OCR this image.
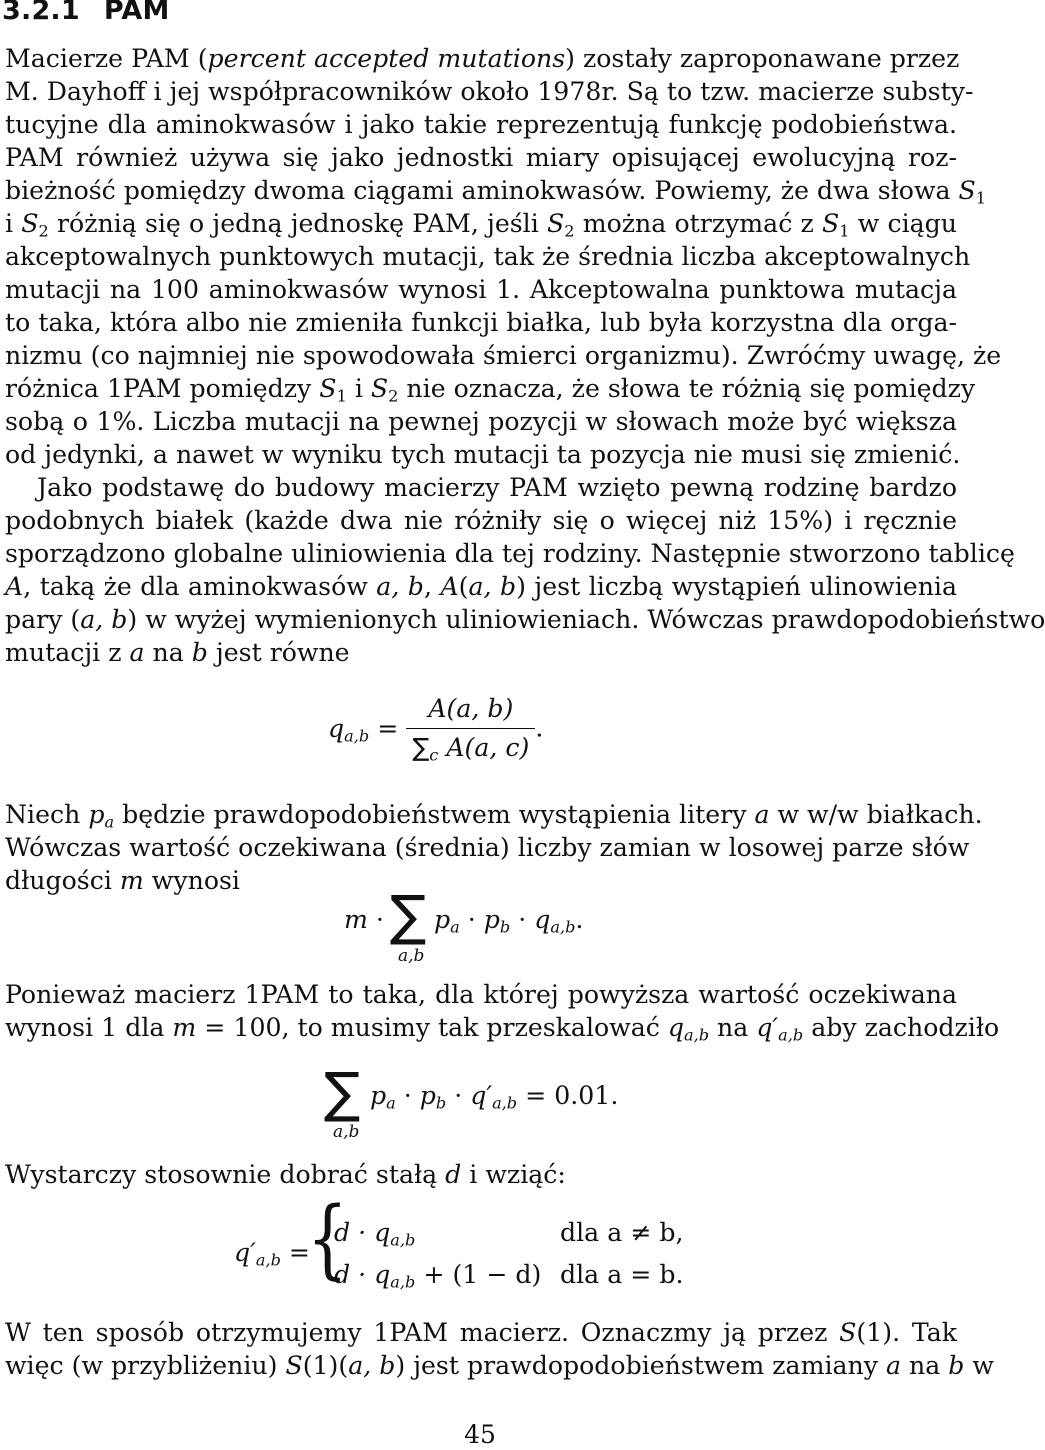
3.2.1 PAM
Macierze PAM (percent accepted mutations) zostały zaproponawane przez
M. Dayhoff i jej współpracowników około 1978r. Są to tzw. macierze substy-
tucyjne dla aminokwasów i jako takie reprezentują funkcję podobieństwa.
PAM również używa się jako jednostki miary opisującej ewolucyjną roz-
bieżność pomiędzy dwoma ciągami aminokwasów. Powiemy, że dwa słowa $S_1$
i $S_2$ różnią się o jedną jednoskę PAM, jeśli $S_2$ można otrzymać z $S_1$ w ciągu
akceptowalnych punktowych mutacji, tak że średnia liczba akceptowalnych
mutacji na 100 aminokwasów wynosi 1. Akceptowalna punktowa mutacja
to taka, która albo nie zmieniła funkcji białka, lub była korzystna dla orga-
nizmu (co najmniej nie spowodowała śmierci organizmu). Zwróćmy uwagę, że
różnica 1PAM pomiędzy $S_1$ i $S_2$ nie oznacza, że słowa te różnią się pomiędzy
sobą o 1%. Liczba mutacji na pewnej pozycji w słowach może być większa
od jedynki, a nawet w wyniku tych mutacji ta pozycja nie musi się zmienić.
Jako podstawę do budowy macierzy PAM wzięto pewną rodzinę bardzo
podobnych białek (każde dwa nie różniły się o więcej niż 15%) i ręcznie
sporządzono globalne uliniowienia dla tej rodziny. Następnie stworzono tablicę
A, taką że dla aminokwasów a, b, A(a, b) jest liczbą wystąpień ulinowienia
pary (a, b) w wyżej wymienionych uliniowieniach. Wówczas prawdopodobieństwo
mutacji z a na b jest równe
$q_{a,b} = \frac{A(a, b)}{\sum_c A(a, c)}$ .
Niech $p_a$ będzie prawdopodobieństwem wystąpienia litery a w w/w białkach.
Wówczas wartość oczekiwana (średnia) liczby zamian w losowej parze słów
długości m wynosi
m · ∑
a,b
$p_a \cdot p_b \cdot q_{a,b}$.
Ponieważ macierz 1PAM to taka, dla której powyższa wartość oczekiwana
wynosi 1 dla m = 100, to musimy tak przeskalować $q_{a,b}$ na $q'_{a,b}$ aby zachodziło
∑
a,b
$p_a \cdot p_b \cdot q'_{a,b} = 0.01$.
Wystarczy stosownie dobrać stałą d i wziąć:
$q'_{a,b}$ =
{
$d \cdot q_{a,b}$	dla a ≠ b,
$d \cdot q_{a,b} + (1 - d)$ dla a = b.
W ten sposób otrzymujemy 1PAM macierz. Oznaczmy ją przez S(1). Tak
więc (w przybliżeniu) S(1)(a, b) jest prawdopodobieństwem zamiany a na b w
45
